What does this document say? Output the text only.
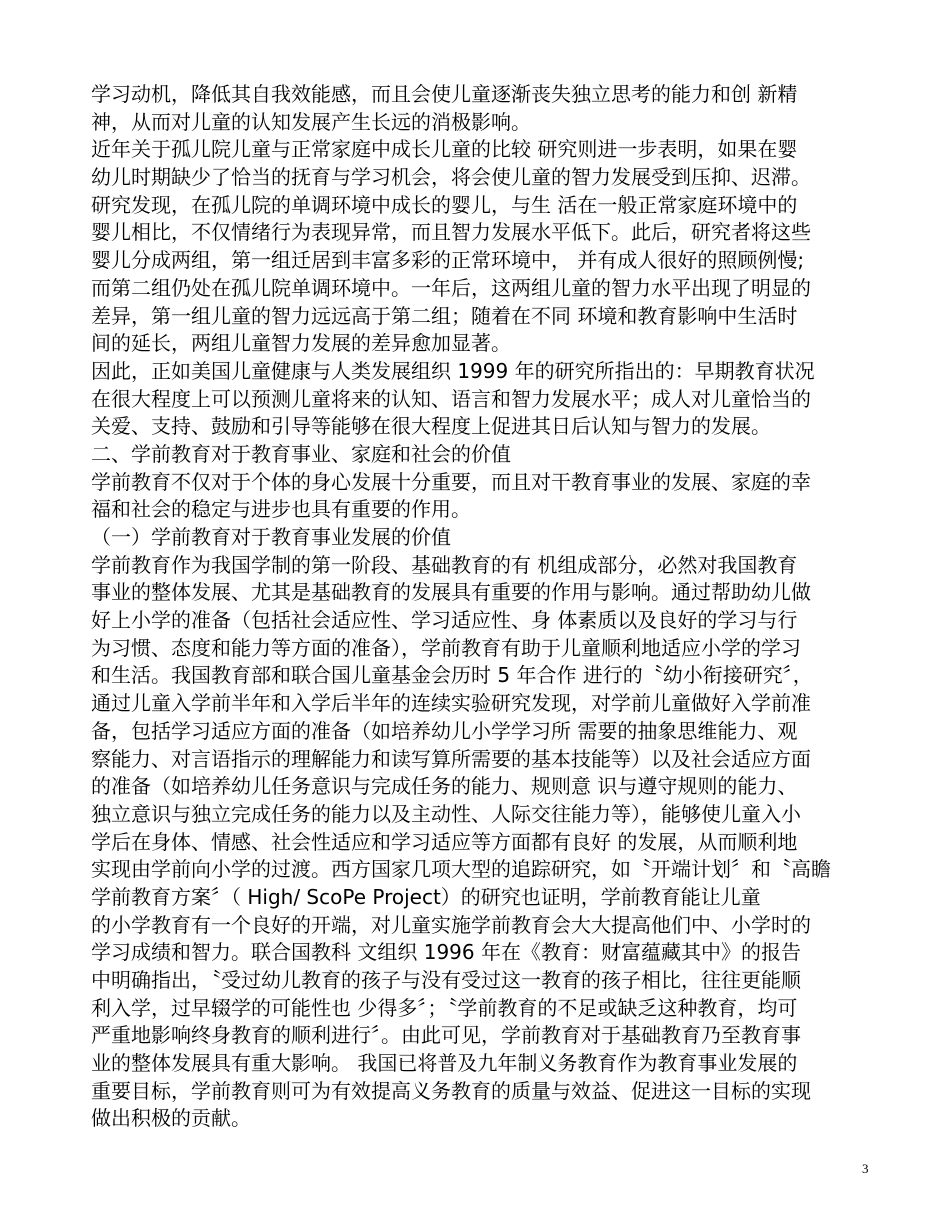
学习动机，降低其自我效能感，而且会使儿童逐渐丧失独立思考的能力和创 新精
神，从而对儿童的认知发展产生长远的消极影响。
近年关于孤儿院儿童与正常家庭中成长儿童的比较 研究则进一步表明，如果在婴
幼儿时期缺少了恰当的抚育与学习机会，将会使儿童的智力发展受到压抑、迟滞。
研究发现，在孤儿院的单调环境中成长的婴儿，与生 活在一般正常家庭环境中的
婴儿相比，不仅情绪行为表现异常，而且智力发展水平低下。此后，研究者将这些
婴儿分成两组，第一组迁居到丰富多彩的正常环境中， 并有成人很好的照顾例慢;
而第二组仍处在孤儿院单调环境中。一年后，这两组儿童的智力水平出现了明显的
差异，第一组儿童的智力远远高于第二组；随着在不同 环境和教育影响中生活时
间的延长，两组儿童智力发展的差异愈加显著。
因此，正如美国儿童健康与人类发展组织 1999 年的研究所指出的：早期教育状况
在很大程度上可以预测儿童将来的认知、语言和智力发展水平；成人对儿童恰当的
关爱、支持、鼓励和引导等能够在很大程度上促进其日后认知与智力的发展。
二、学前教育对于教育事业、家庭和社会的价值
学前教育不仅对于个体的身心发展十分重要，而且对干教育事业的发展、家庭的幸
福和社会的稳定与进步也具有重要的作用。
（一）学前教育对于教育事业发展的价值
学前教育作为我国学制的第一阶段、基础教育的有 机组成部分，必然对我国教育
事业的整体发展、尤其是基础教育的发展具有重要的作用与影响。通过帮助幼儿做
好上小学的准备（包括社会适应性、学习适应性、身 体素质以及良好的学习与行
为习惯、态度和能力等方面的准备），学前教育有助于儿童顺利地适应小学的学习
和生活。我国教育部和联合国儿童基金会历时 5 年合作 进行的〝幼小衔接研究〞，
通过儿童入学前半年和入学后半年的连续实验研究发现，对学前儿童做好入学前准
备，包括学习适应方面的准备（如培养幼儿小学学习所 需要的抽象思维能力、观
察能力、对言语指示的理解能力和读写算所需要的基本技能等）以及社会适应方面
的准备（如培养幼儿任务意识与完成任务的能力、规则意 识与遵守规则的能力、
独立意识与独立完成任务的能力以及主动性、人际交往能力等），能够使儿童入小
学后在身体、情感、社会性适应和学习适应等方面都有良好 的发展，从而顺利地
实现由学前向小学的过渡。西方国家几项大型的追踪研究，如〝开端计划〞和〝高瞻
学前教育方案〞（ High/ ScoPe Project）的研究也证明，学前教育能让儿童
的小学教育有一个良好的开端，对儿童实施学前教育会大大提高他们中、小学时的
学习成绩和智力。联合国教科 文组织 1996 年在《教育：财富蕴藏其中》的报告
中明确指出，〝受过幼儿教育的孩子与没有受过这一教育的孩子相比，往往更能顺
利入学，过早辍学的可能性也 少得多〞；〝学前教育的不足或缺乏这种教育，均可
严重地影响终身教育的顺利进行〞。由此可见，学前教育对于基础教育乃至教育事
业的整体发展具有重大影响。 我国已将普及九年制义务教育作为教育事业发展的
重要目标，学前教育则可为有效提高义务教育的质量与效益、促进这一目标的实现
做出积极的贡献。
3
